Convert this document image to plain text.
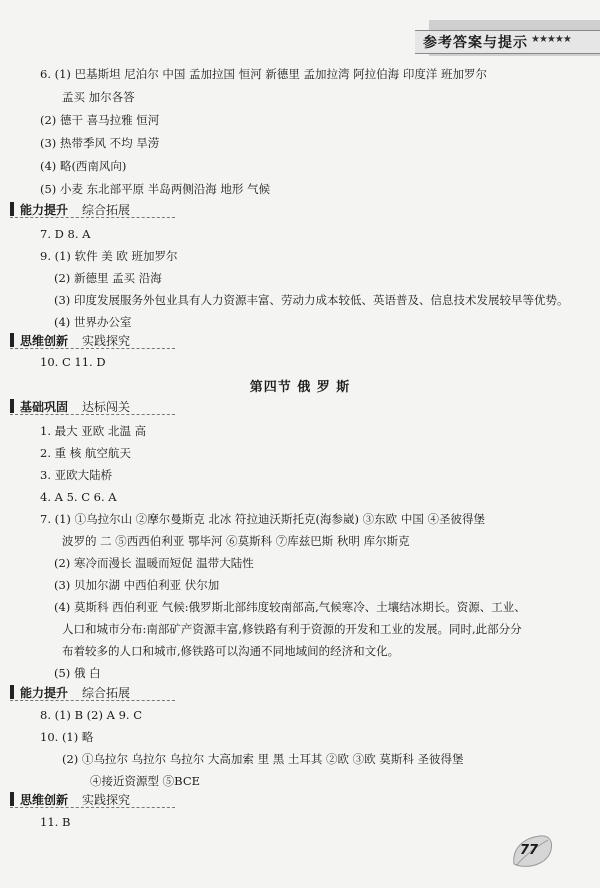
参考答案与提示 ★★★★★
6. (1) 巴基斯坦 尼泊尔 中国 孟加拉国 恒河 新德里 孟加拉湾 阿拉伯海 印度洋 班加罗尔
孟买 加尔各答
(2) 德干 喜马拉雅 恒河
(3) 热带季风 不均 旱涝
(4) 略(西南风向)
(5) 小麦 东北部平原 半岛两侧沿海 地形 气候
能力提升 综合拓展
7. D 8. A
9. (1) 软件 美 欧 班加罗尔
(2) 新德里 孟买 沿海
(3) 印度发展服务外包业具有人力资源丰富、劳动力成本较低、英语普及、信息技术发展较早等优势。
(4) 世界办公室
思维创新 实践探究
10. C 11. D
第四节 俄 罗 斯
基础巩固 达标闯关
1. 最大 亚欧 北温 高
2. 重 核 航空航天
3. 亚欧大陆桥
4. A 5. C 6. A
7. (1) ①乌拉尔山 ②摩尔曼斯克 北冰 符拉迪沃斯托克(海参崴) ③东欧 中国 ④圣彼得堡
波罗的 二 ⑤西西伯利亚 鄂毕河 ⑥莫斯科 ⑦库兹巴斯 秋明 库尔斯克
(2) 寒冷而漫长 温暖而短促 温带大陆性
(3) 贝加尔湖 中西伯利亚 伏尔加
(4) 莫斯科 西伯利亚 气候:俄罗斯北部纬度较南部高,气候寒冷、土壤结冰期长。资源、工业、
人口和城市分布:南部矿产资源丰富,修铁路有利于资源的开发和工业的发展。同时,此部分分
布着较多的人口和城市,修铁路可以沟通不同地域间的经济和文化。
(5) 俄 白
能力提升 综合拓展
8. (1) B (2) A 9. C
10. (1) 略
(2) ①乌拉尔 乌拉尔 乌拉尔 大高加索 里 黑 土耳其 ②欧 ③欧 莫斯科 圣彼得堡
④接近资源型 ⑤BCE
思维创新 实践探究
11. B
77
